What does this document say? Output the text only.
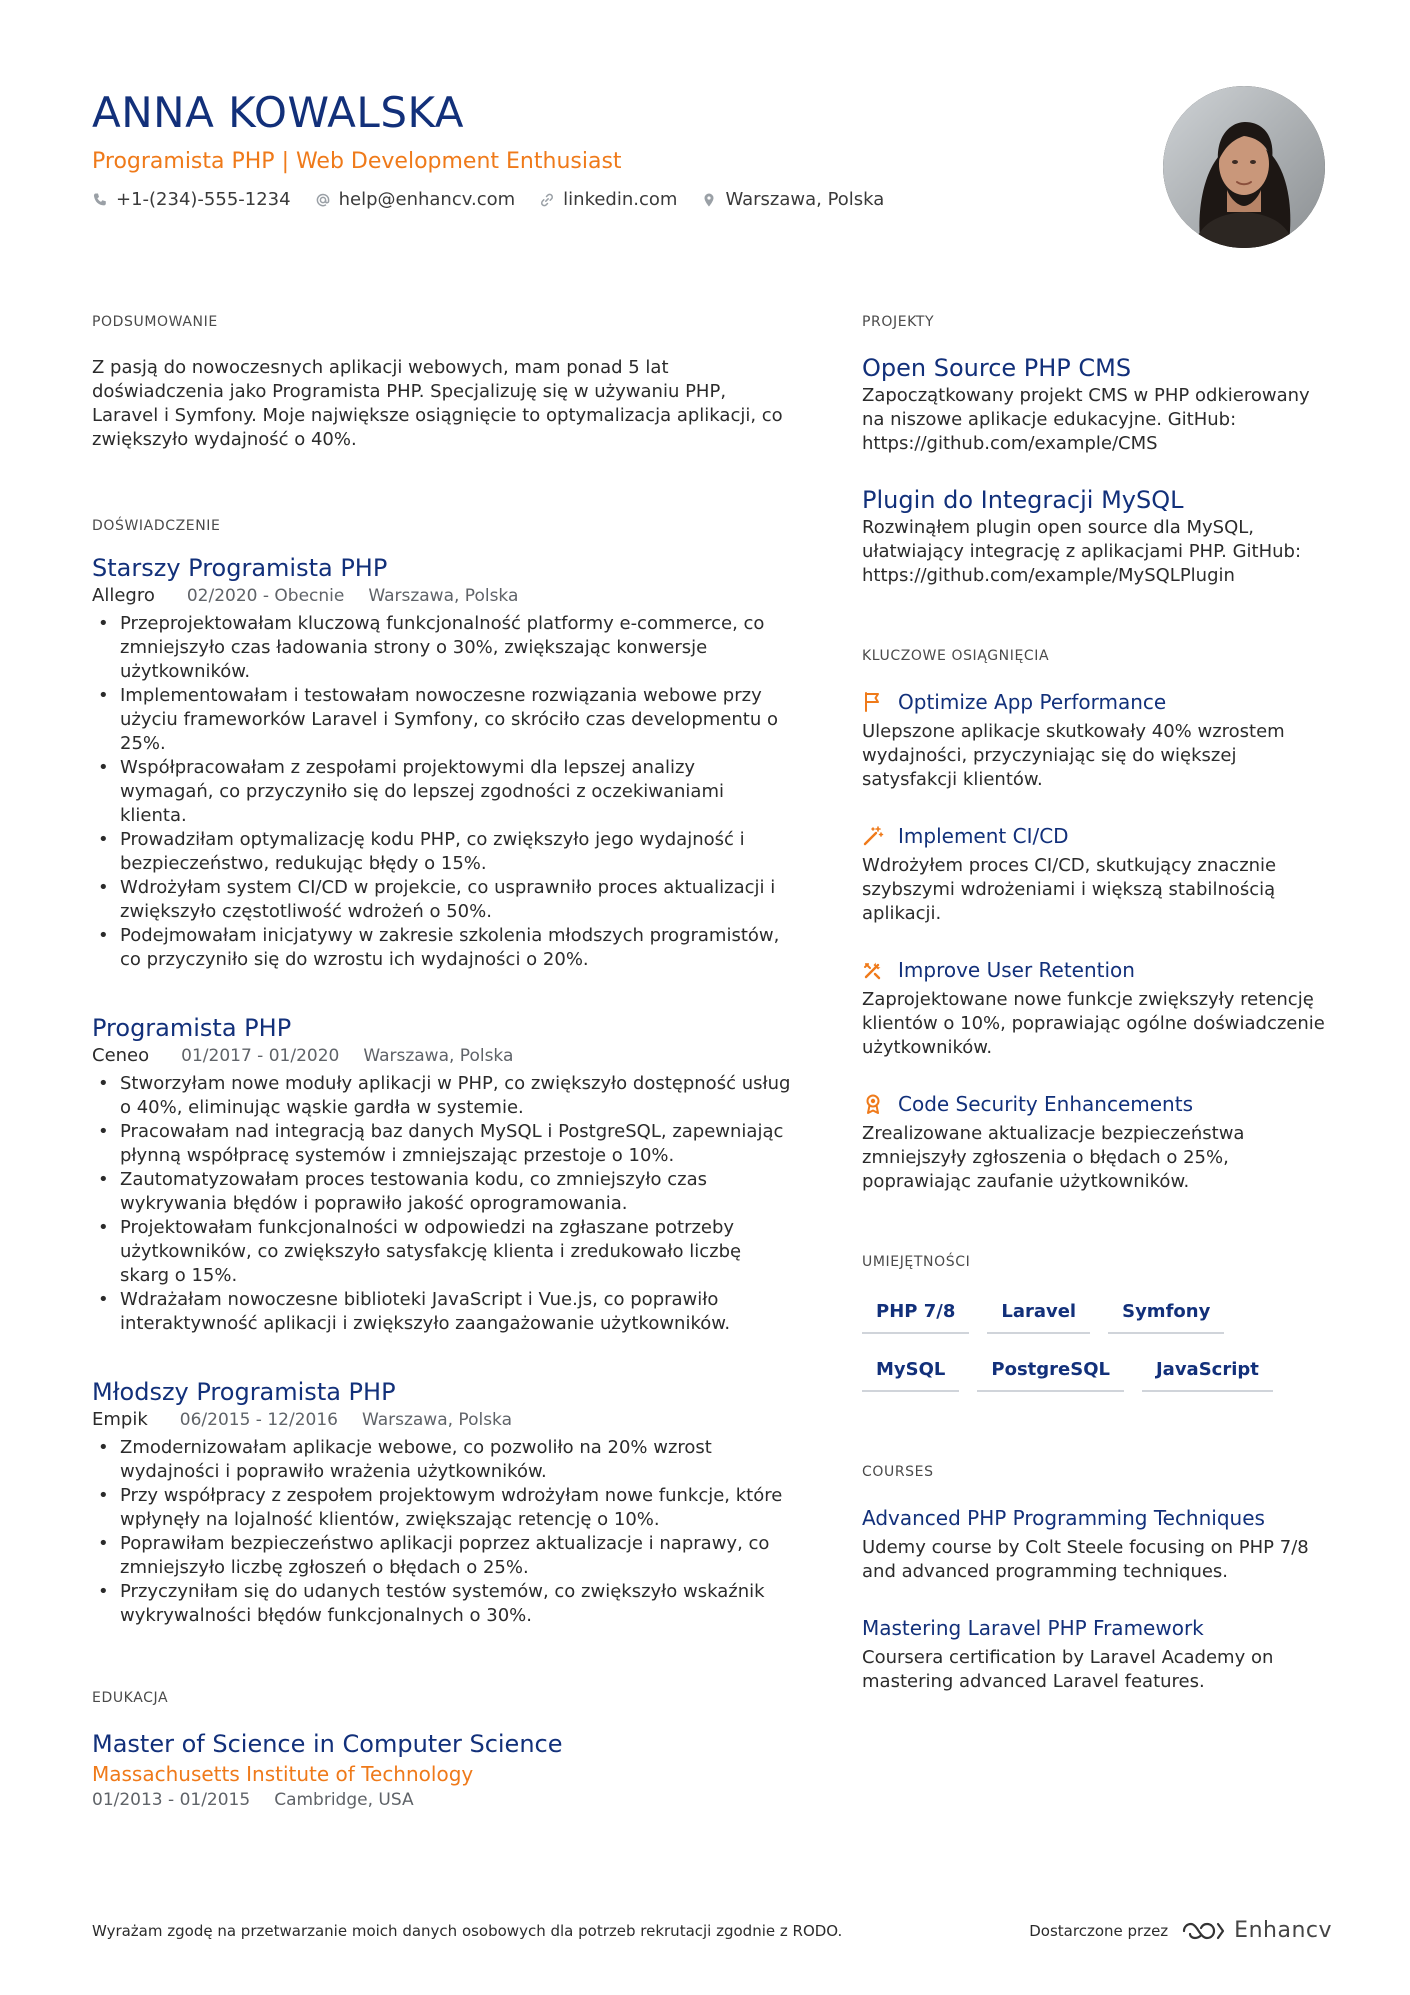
ANNA KOWALSKA
Programista PHP | Web Development Enthusiast
+1-(234)-555-1234	help@enhancv.com	linkedin.com	Warszawa, Polska
PODSUMOWANIE
Z pasją do nowoczesnych aplikacji webowych, mam ponad 5 lat doświadczenia jako Programista PHP. Specjalizuję się w używaniu PHP, Laravel i Symfony. Moje największe osiągnięcie to optymalizacja aplikacji, co zwiększyło wydajność o 40%.
DOŚWIADCZENIE
Starszy Programista PHP
Allegro 02/2020 - Obecnie Warszawa, Polska
• Przeprojektowałam kluczową funkcjonalność platformy e-commerce, co zmniejszyło czas ładowania strony o 30%, zwiększając konwersje użytkowników.
• Implementowałam i testowałam nowoczesne rozwiązania webowe przy użyciu frameworków Laravel i Symfony, co skróciło czas developmentu o 25%.
• Współpracowałam z zespołami projektowymi dla lepszej analizy wymagań, co przyczyniło się do lepszej zgodności z oczekiwaniami klienta.
• Prowadziłam optymalizację kodu PHP, co zwiększyło jego wydajność i bezpieczeństwo, redukując błędy o 15%.
• Wdrożyłam system CI/CD w projekcie, co usprawniło proces aktualizacji i zwiększyło częstotliwość wdrożeń o 50%.
• Podejmowałam inicjatywy w zakresie szkolenia młodszych programistów, co przyczyniło się do wzrostu ich wydajności o 20%.
Programista PHP
Ceneo 01/2017 - 01/2020 Warszawa, Polska
• Stworzyłam nowe moduły aplikacji w PHP, co zwiększyło dostępność usług o 40%, eliminując wąskie gardła w systemie.
• Pracowałam nad integracją baz danych MySQL i PostgreSQL, zapewniając płynną współpracę systemów i zmniejszając przestoje o 10%.
• Zautomatyzowałam proces testowania kodu, co zmniejszyło czas wykrywania błędów i poprawiło jakość oprogramowania.
• Projektowałam funkcjonalności w odpowiedzi na zgłaszane potrzeby użytkowników, co zwiększyło satysfakcję klienta i zredukowało liczbę skarg o 15%.
• Wdrażałam nowoczesne biblioteki JavaScript i Vue.js, co poprawiło interaktywność aplikacji i zwiększyło zaangażowanie użytkowników.
Młodszy Programista PHP
Empik 06/2015 - 12/2016 Warszawa, Polska
• Zmodernizowałam aplikacje webowe, co pozwoliło na 20% wzrost wydajności i poprawiło wrażenia użytkowników.
• Przy współpracy z zespołem projektowym wdrożyłam nowe funkcje, które wpłynęły na lojalność klientów, zwiększając retencję o 10%.
• Poprawiłam bezpieczeństwo aplikacji poprzez aktualizacje i naprawy, co zmniejszyło liczbę zgłoszeń o błędach o 25%.
• Przyczyniłam się do udanych testów systemów, co zwiększyło wskaźnik wykrywalności błędów funkcjonalnych o 30%.
EDUKACJA
Master of Science in Computer Science
Massachusetts Institute of Technology
01/2013 - 01/2015 Cambridge, USA
PROJEKTY
Open Source PHP CMS
Zapoczątkowany projekt CMS w PHP odkierowany na niszowe aplikacje edukacyjne. GitHub: https://github.com/example/CMS
Plugin do Integracji MySQL
Rozwinąłem plugin open source dla MySQL, ułatwiający integrację z aplikacjami PHP. GitHub: https://github.com/example/MySQLPlugin
KLUCZOWE OSIĄGNIĘCIA
Optimize App Performance
Ulepszone aplikacje skutkowały 40% wzrostem wydajności, przyczyniając się do większej satysfakcji klientów.
Implement CI/CD
Wdrożyłem proces CI/CD, skutkujący znacznie szybszymi wdrożeniami i większą stabilnością aplikacji.
Improve User Retention
Zaprojektowane nowe funkcje zwiększyły retencję klientów o 10%, poprawiając ogólne doświadczenie użytkowników.
Code Security Enhancements
Zrealizowane aktualizacje bezpieczeństwa zmniejszyły zgłoszenia o błędach o 25%, poprawiając zaufanie użytkowników.
UMIEJĘTNOŚCI
PHP 7/8	Laravel	Symfony
MySQL	PostgreSQL	JavaScript
COURSES
Advanced PHP Programming Techniques
Udemy course by Colt Steele focusing on PHP 7/8 and advanced programming techniques.
Mastering Laravel PHP Framework
Coursera certification by Laravel Academy on mastering advanced Laravel features.
Wyrażam zgodę na przetwarzanie moich danych osobowych dla potrzeb rekrutacji zgodnie z RODO.	Dostarczone przez	Enhancv
